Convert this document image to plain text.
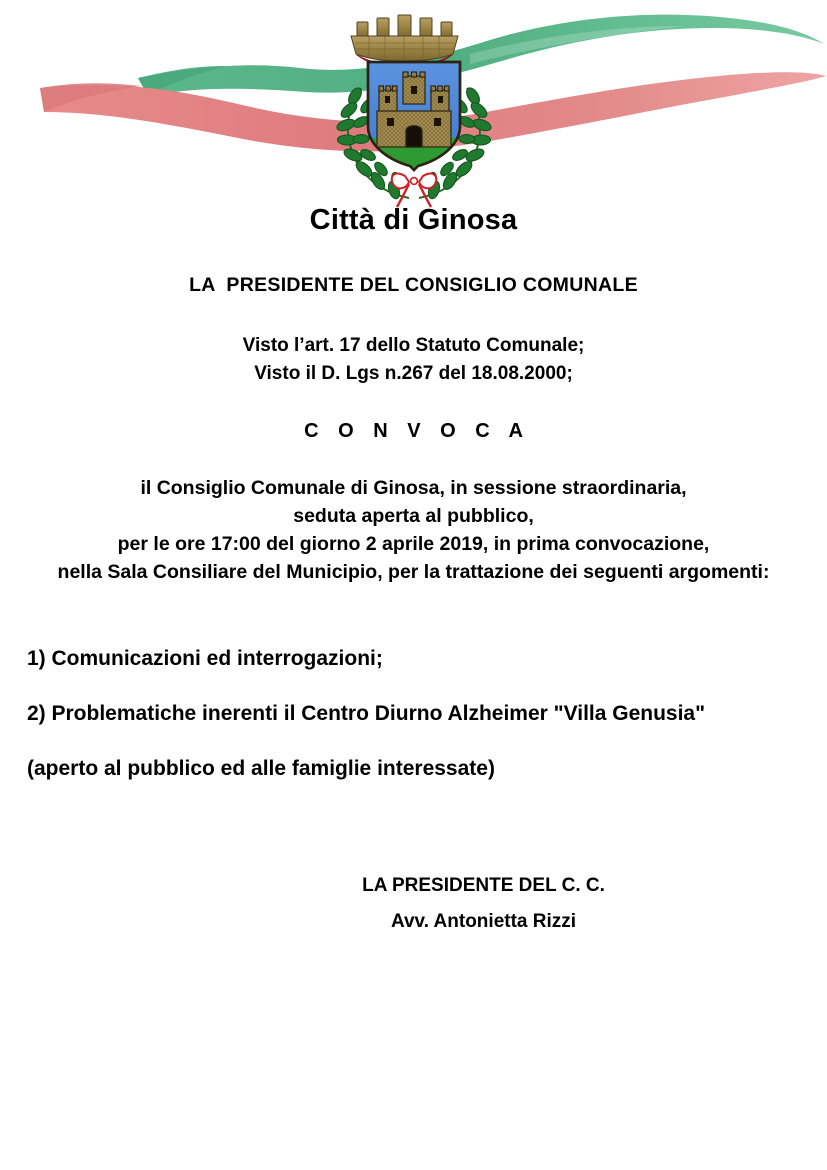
Città di Ginosa
LA  PRESIDENTE DEL CONSIGLIO COMUNALE
Visto l’art. 17 dello Statuto Comunale;
Visto il D. Lgs n.267 del 18.08.2000;
C O N V O C A
il Consiglio Comunale di Ginosa, in sessione straordinaria,
seduta aperta al pubblico,
per le ore 17:00 del giorno 2 aprile 2019, in prima convocazione,
nella Sala Consiliare del Municipio, per la trattazione dei seguenti argomenti:
1) Comunicazioni ed interrogazioni;
2) Problematiche inerenti il Centro Diurno Alzheimer "Villa Genusia"
(aperto al pubblico ed alle famiglie interessate)
LA PRESIDENTE DEL C. C.
Avv. Antonietta Rizzi
